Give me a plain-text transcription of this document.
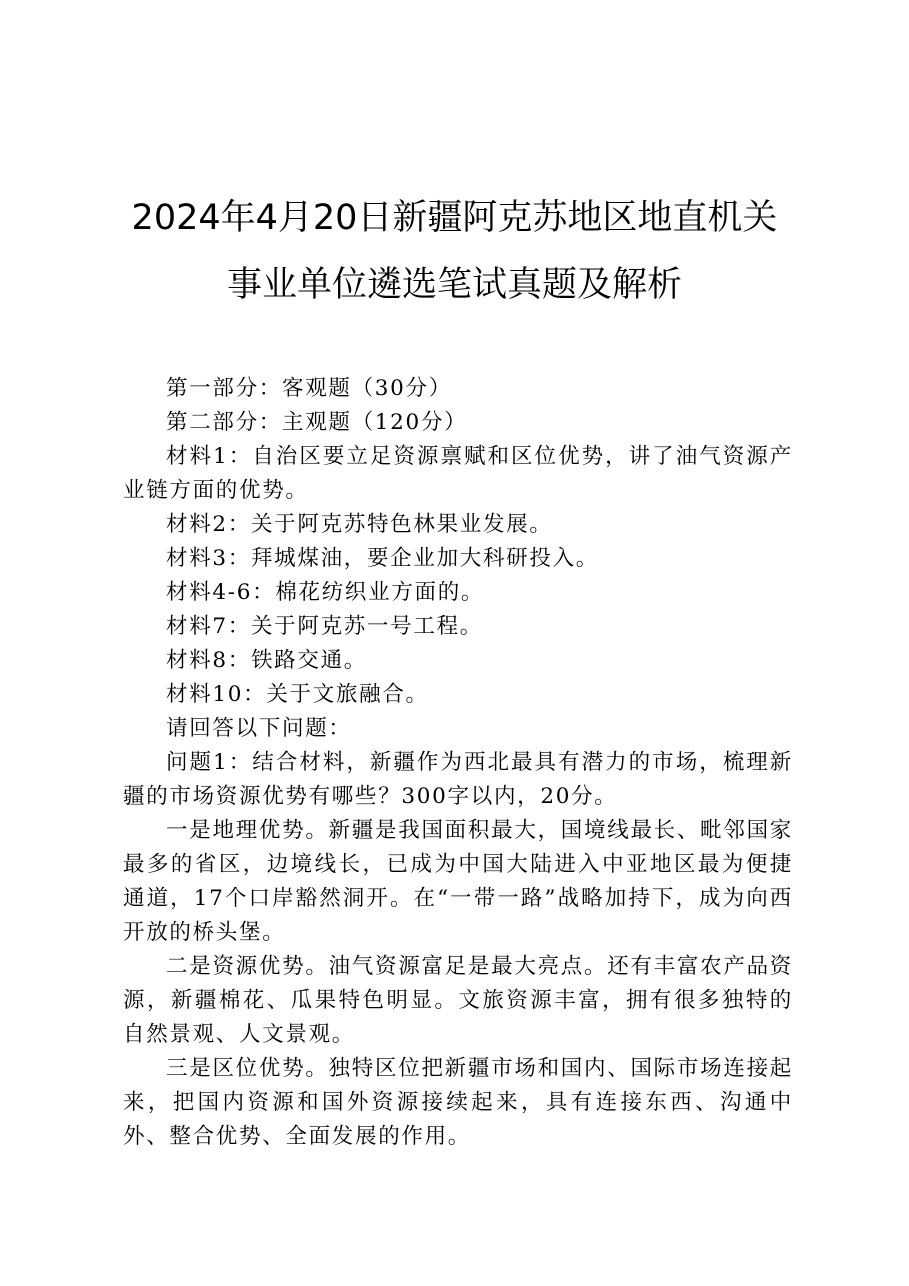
2024年4月20日新疆阿克苏地区地直机关
事业单位遴选笔试真题及解析

第一部分：客观题（30分）

第二部分：主观题（120分）

材料1：自治区要立足资源禀赋和区位优势，讲了油气资源产业链方面的优势。

材料2：关于阿克苏特色林果业发展。

材料3：拜城煤油，要企业加大科研投入。

材料4-6：棉花纺织业方面的。

材料7：关于阿克苏一号工程。

材料8：铁路交通。

材料10：关于文旅融合。

请回答以下问题：

问题1：结合材料，新疆作为西北最具有潜力的市场，梳理新疆的市场资源优势有哪些？300字以内，20分。

一是地理优势。新疆是我国面积最大，国境线最长、毗邻国家最多的省区，边境线长，已成为中国大陆进入中亚地区最为便捷通道，17个口岸豁然洞开。在“一带一路”战略加持下，成为向西开放的桥头堡。

二是资源优势。油气资源富足是最大亮点。还有丰富农产品资源，新疆棉花、瓜果特色明显。文旅资源丰富，拥有很多独特的自然景观、人文景观。

三是区位优势。独特区位把新疆市场和国内、国际市场连接起来，把国内资源和国外资源接续起来，具有连接东西、沟通中外、整合优势、全面发展的作用。
